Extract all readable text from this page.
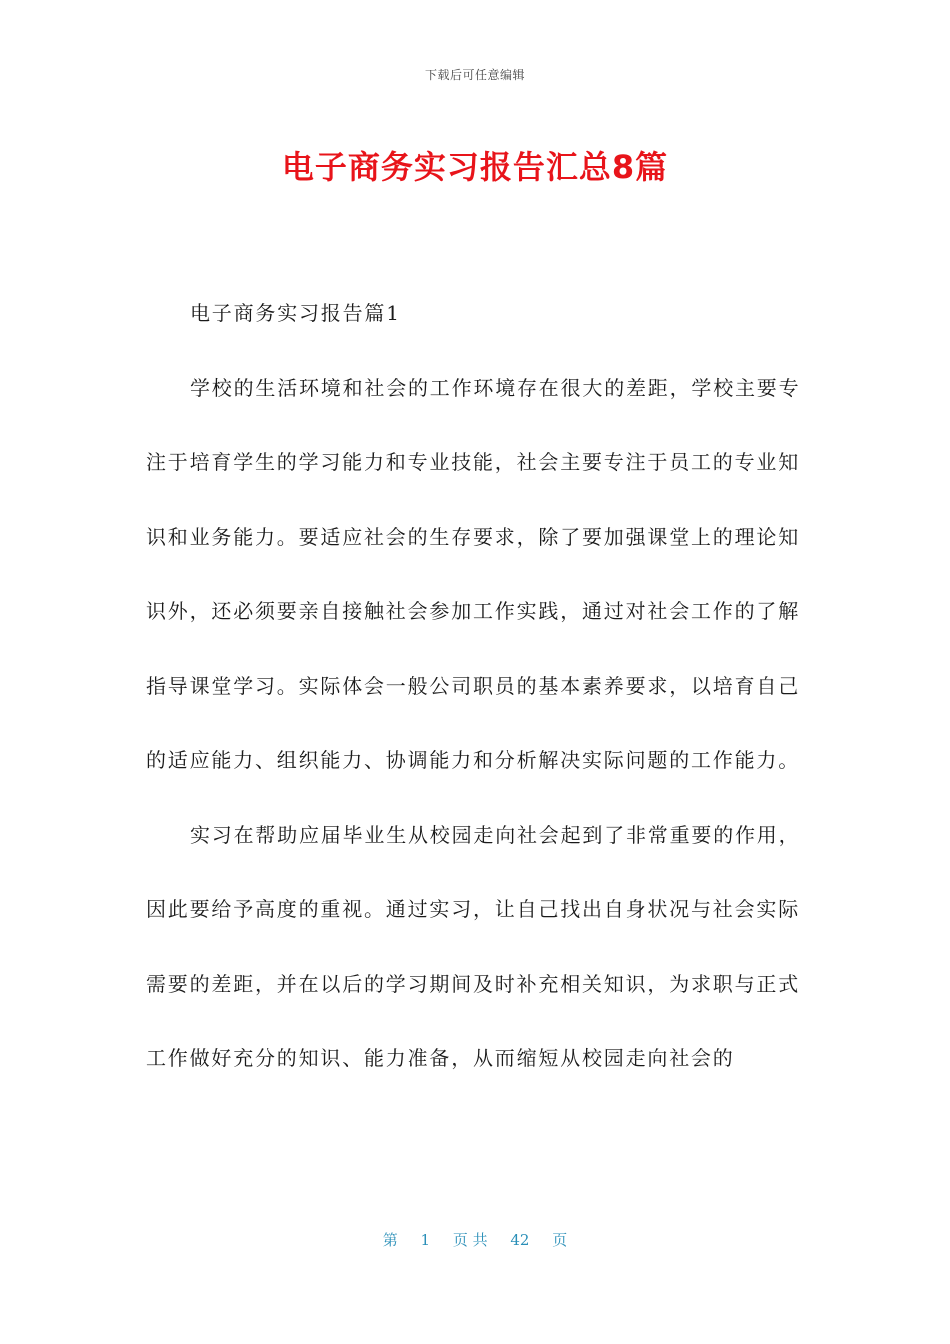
下载后可任意编辑
电子商务实习报告汇总8篇

电子商务实习报告篇1

学校的生活环境和社会的工作环境存在很大的差距，学校主要专注于培育学生的学习能力和专业技能，社会主要专注于员工的专业知识和业务能力。要适应社会的生存要求，除了要加强课堂上的理论知识外，还必须要亲自接触社会参加工作实践，通过对社会工作的了解指导课堂学习。实际体会一般公司职员的基本素养要求，以培育自己的适应能力、组织能力、协调能力和分析解决实际问题的工作能力。

实习在帮助应届毕业生从校园走向社会起到了非常重要的作用，因此要给予高度的重视。通过实习，让自己找出自身状况与社会实际需要的差距，并在以后的学习期间及时补充相关知识，为求职与正式工作做好充分的知识、能力准备，从而缩短从校园走向社会的

第 1 页 共 42 页
